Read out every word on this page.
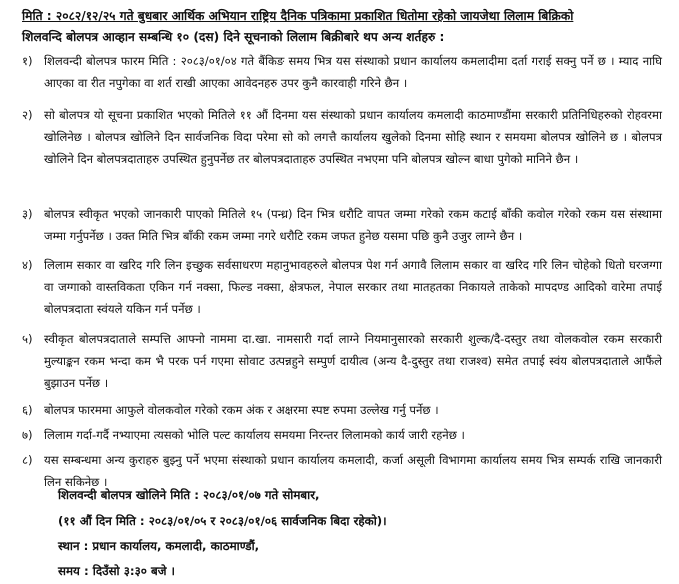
मिति : २०८२/१२/२५ गते बुधबार आर्थिक अभियान राष्ट्रिय दैनिक पत्रिकामा प्रकाशित धितोमा रहेको जायजेथा लिलाम बिक्रिको
शिलवन्दि बोलपत्र आव्हान सम्बन्धि १० (दस) दिने सूचनाको लिलाम बिक्रीबारे थप अन्य शर्तहरु :
१) शिलवन्दी बोलपत्र फारम मिति : २०८३/०१/०४ गते बैंकिङ समय भित्र यस संस्थाको प्रधान कार्यालय कमलादीमा दर्ता गराई सक्नु पर्ने छ । म्याद नाघि आएका वा रीत नपुगेका वा शर्त राखी आएका आवेदनहरु उपर कुनै कारवाही गरिने छैन ।
२) सो बोलपत्र यो सूचना प्रकाशित भएको मितिले ११ औं दिनमा यस संस्थाको प्रधान कार्यालय कमलादी काठमाण्डौंमा सरकारी प्रतिनिधिहरुको रोहवरमा खोलिनेछ । बोलपत्र खोलिने दिन सार्वजनिक विदा परेमा सो को लगत्तै कार्यालय खुलेको दिनमा सोहि स्थान र समयमा बोलपत्र खोलिने छ । बोलपत्र खोलिने दिन बोलपत्रदाताहरु उपस्थित हुनुपर्नेछ तर बोलपत्रदाताहरु उपस्थित नभएमा पनि बोलपत्र खोल्न बाधा पुगेको मानिने छैन ।
३) बोलपत्र स्वीकृत भएको जानकारी पाएको मितिले १५ (पन्ध्र) दिन भित्र धरौटि वापत जम्मा गरेको रकम कटाई बाँकी कवोल गरेको रकम यस संस्थामा जम्मा गर्नुपर्नेछ । उक्त मिति भित्र बाँकी रकम जम्मा नगरे धरौटि रकम जफत हुनेछ यसमा पछि कुनै उजुर लाग्ने छैन ।
४) लिलाम सकार वा खरिद गरि लिन इच्छुक सर्वसाधरण महानुभावहरुले बोलपत्र पेश गर्न अगावै लिलाम सकार वा खरिद गरि लिन चोहेको धितो घरजग्गा वा जग्गाको वास्तविकता एकिन गर्न नक्सा, फिल्ड नक्सा, क्षेत्रफल, नेपाल सरकार तथा मातहतका निकायले ताकेको मापदण्ड आदिको वारेमा तपाई बोलपत्रदाता स्वंयले यकिन गर्न पर्नेछ ।
५) स्वीकृत बोलपत्रदाताले सम्पत्ति आफ्नो नाममा दा.खा. नामसारी गर्दा लाग्ने नियमानुसारको सरकारी शुल्क/दै-दस्तुर तथा वोलकवोल रकम सरकारी मुल्याङ्कन रकम भन्दा कम भै परक पर्न गएमा सोवाट उत्पन्नहुने सम्पुर्ण दायीत्व (अन्य दै-दुस्तुर तथा राजश्व) समेत तपाई स्वंय बोलपत्रदाताले आफैंले बुझाउन पर्नेछ ।
६) बोलपत्र फारममा आफुले वोलकवोल गरेको रकम अंक र अक्षरमा स्पष्ट रुपमा उल्लेख गर्नु पर्नेछ ।
७) लिलाम गर्दा-गर्दै नभ्याएमा त्यसको भोलि पल्ट कार्यालय समयमा निरन्तर लिलामको कार्य जारी रहनेछ ।
८) यस सम्बन्धमा अन्य कुराहरु बुझ्नु पर्ने भएमा संस्थाको प्रधान कार्यालय कमलादी, कर्जा असूली विभागमा कार्यालय समय भित्र सम्पर्क राखि जानकारी लिन सकिनेछ ।
शिलवन्दी बोलपत्र खोलिने मिति : २०८३/०१/०७ गते सोमबार,
(११ औं दिन मिति : २०८३/०१/०५ र २०८३/०१/०६ सार्वजनिक बिदा रहेको)।
स्थान : प्रधान कार्यालय, कमलादी, काठमाण्डौं,
समय : दिउँसो ३:३० बजे ।
